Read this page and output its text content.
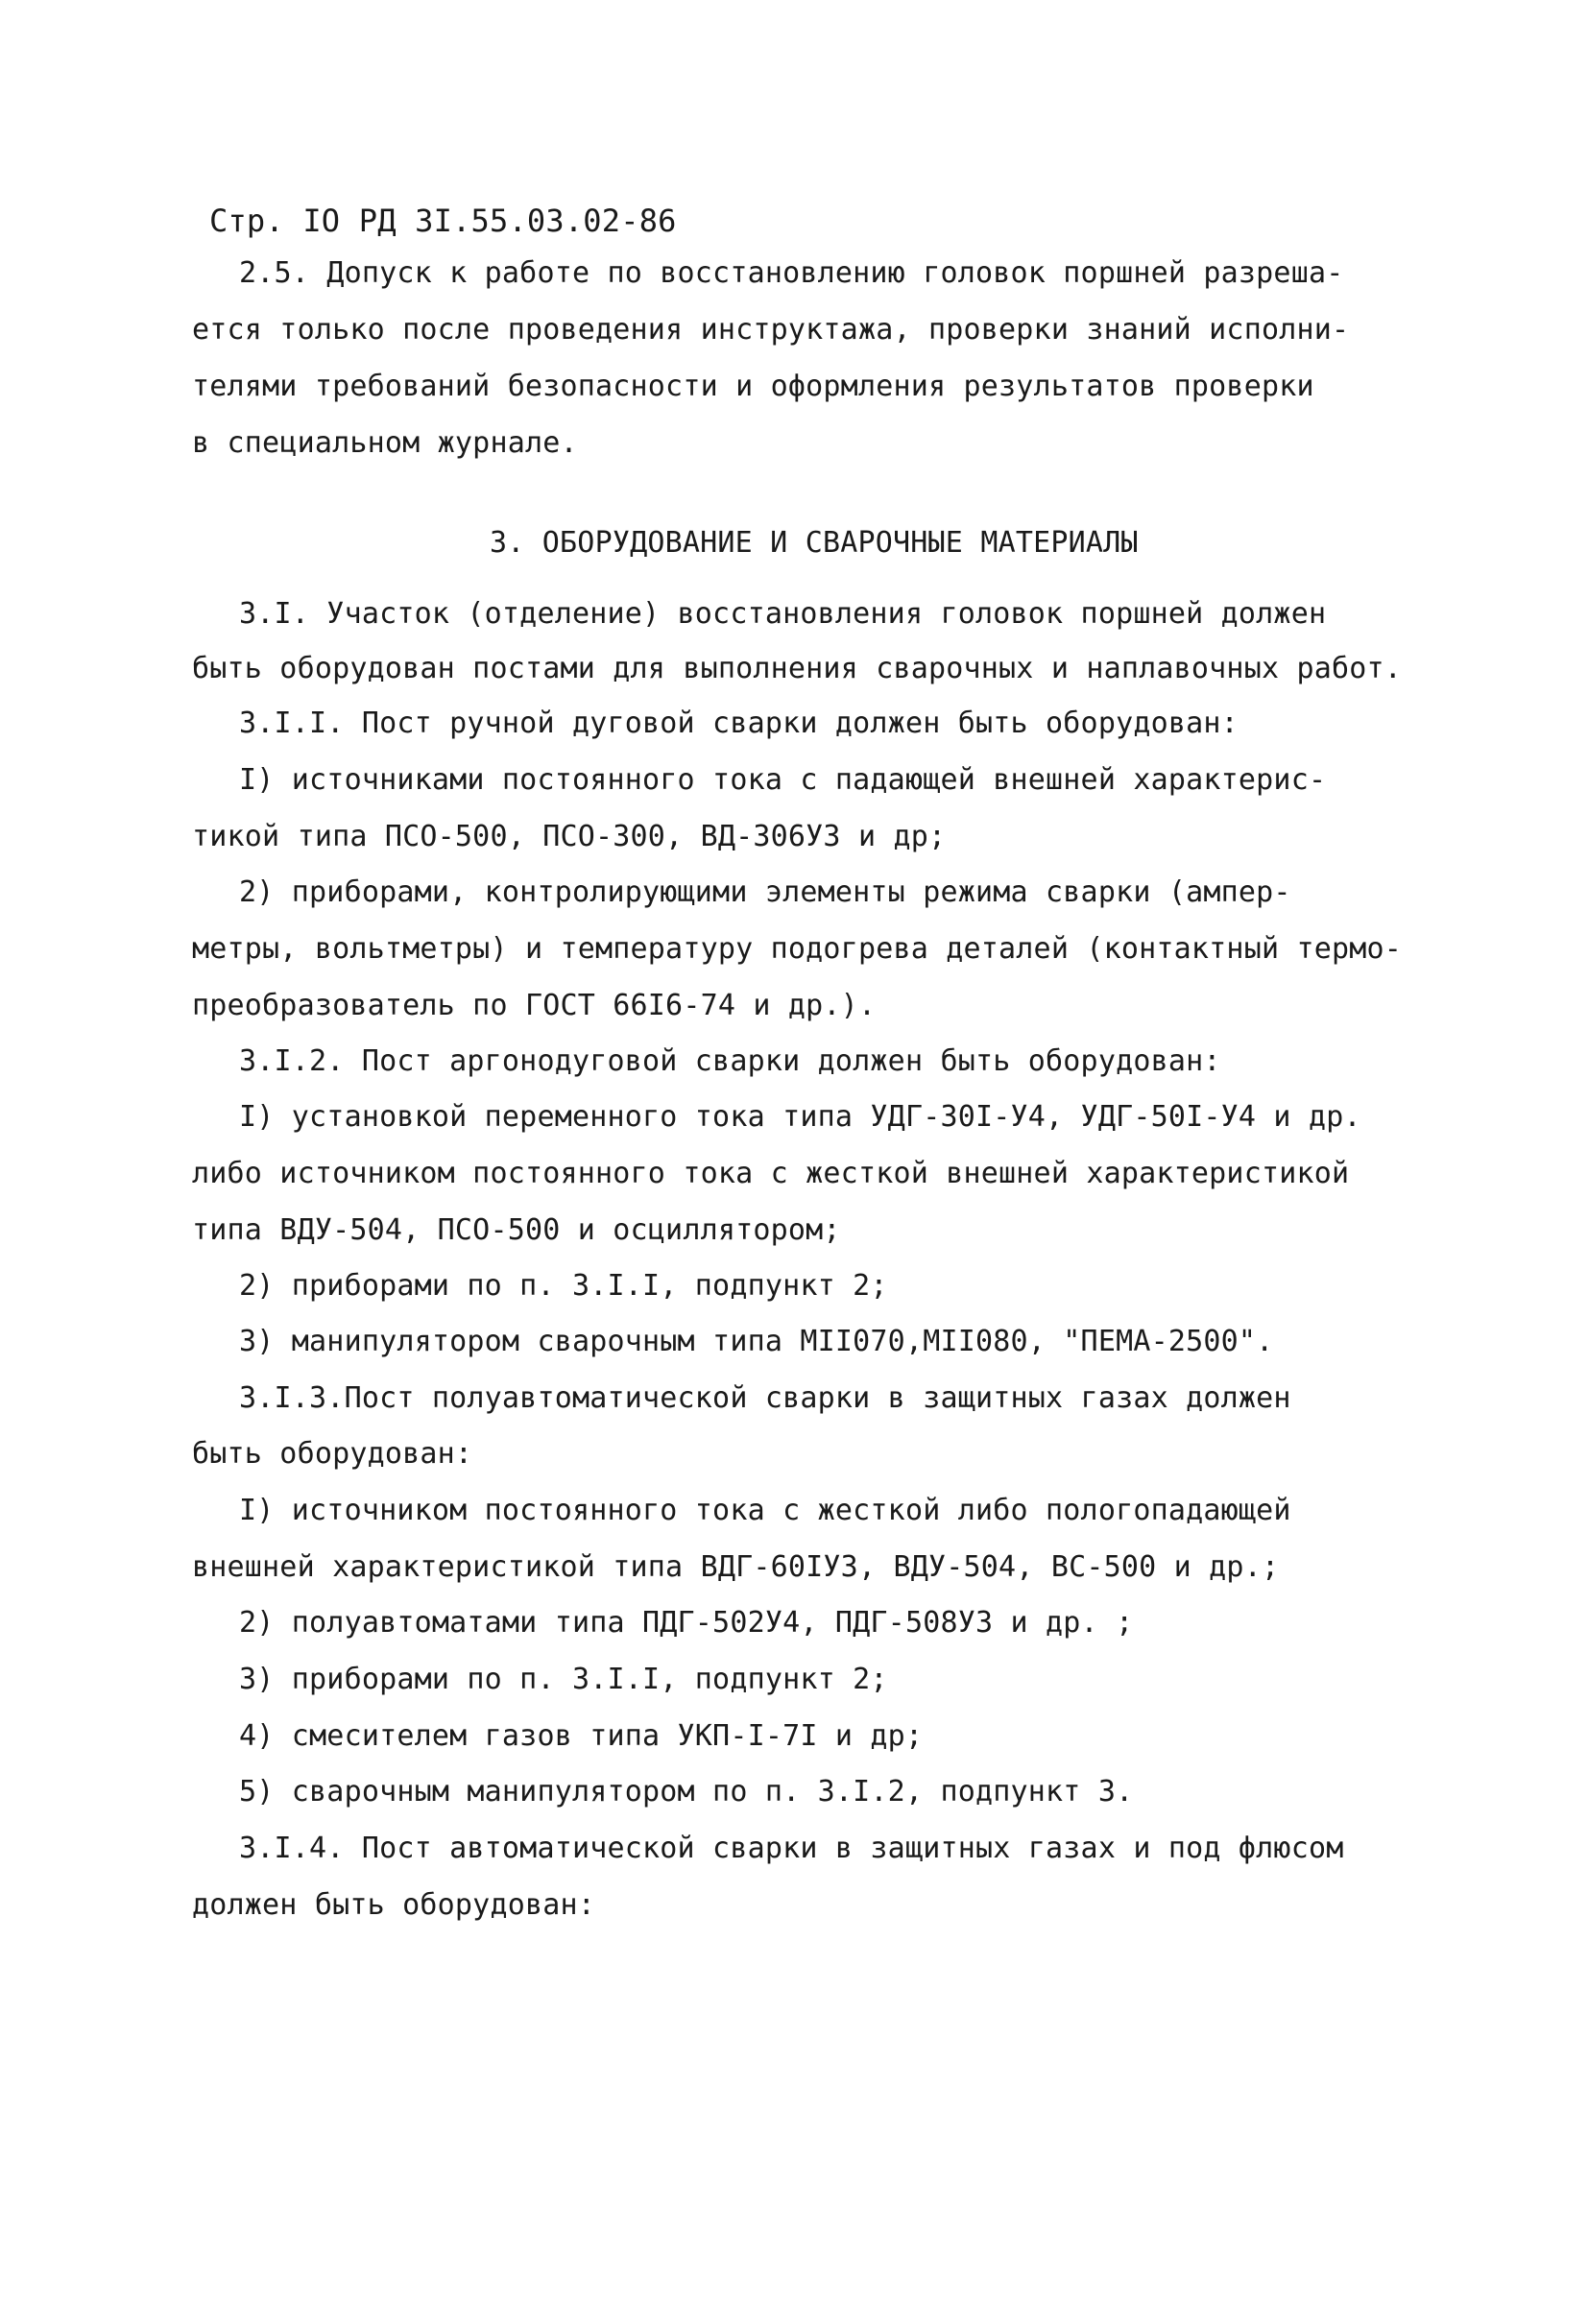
Стр. IO РД 3I.55.03.02-86
2.5. Допуск к работе по восстановлению головок поршней разреша-
ется только после проведения инструктажа, проверки знаний исполни-
телями требований безопасности и оформления результатов проверки
в специальном журнале.
3. ОБОРУДОВАНИЕ И СВАРОЧНЫЕ МАТЕРИАЛЫ
3.I. Участок (отделение) восстановления головок поршней должен
быть оборудован постами для выполнения сварочных и наплавочных работ.
3.I.I. Пост ручной дуговой сварки должен быть оборудован:
I) источниками постоянного тока с падающей внешней характерис-
тикой типа ПСО-500, ПСО-300, ВД-306УЗ и др;
2) приборами, контролирующими элементы режима сварки (ампер-
метры, вольтметры) и температуру подогрева деталей (контактный термо-
преобразователь по ГОСТ 66I6-74 и др.).
3.I.2. Пост аргонодуговой сварки должен быть оборудован:
I) установкой переменного тока типа УДГ-30I-У4, УДГ-50I-У4 и др.
либо источником постоянного тока с жесткой внешней характеристикой
типа ВДУ-504, ПСО-500 и осциллятором;
2) приборами по п. 3.I.I, подпункт 2;
3) манипулятором сварочным типа МII070,МII080, "ПЕМА-2500".
3.I.3.Пост полуавтоматической сварки в защитных газах должен
быть оборудован:
I) источником постоянного тока с жесткой либо пологопадающей
внешней характеристикой типа ВДГ-60IУЗ, ВДУ-504, ВС-500 и др.;
2) полуавтоматами типа ПДГ-502У4, ПДГ-508УЗ и др. ;
3) приборами по п. 3.I.I, подпункт 2;
4) смесителем газов типа УКП-I-7I и др;
5) сварочным манипулятором по п. 3.I.2, подпункт 3.
3.I.4. Пост автоматической сварки в защитных газах и под флюсом
должен быть оборудован:
